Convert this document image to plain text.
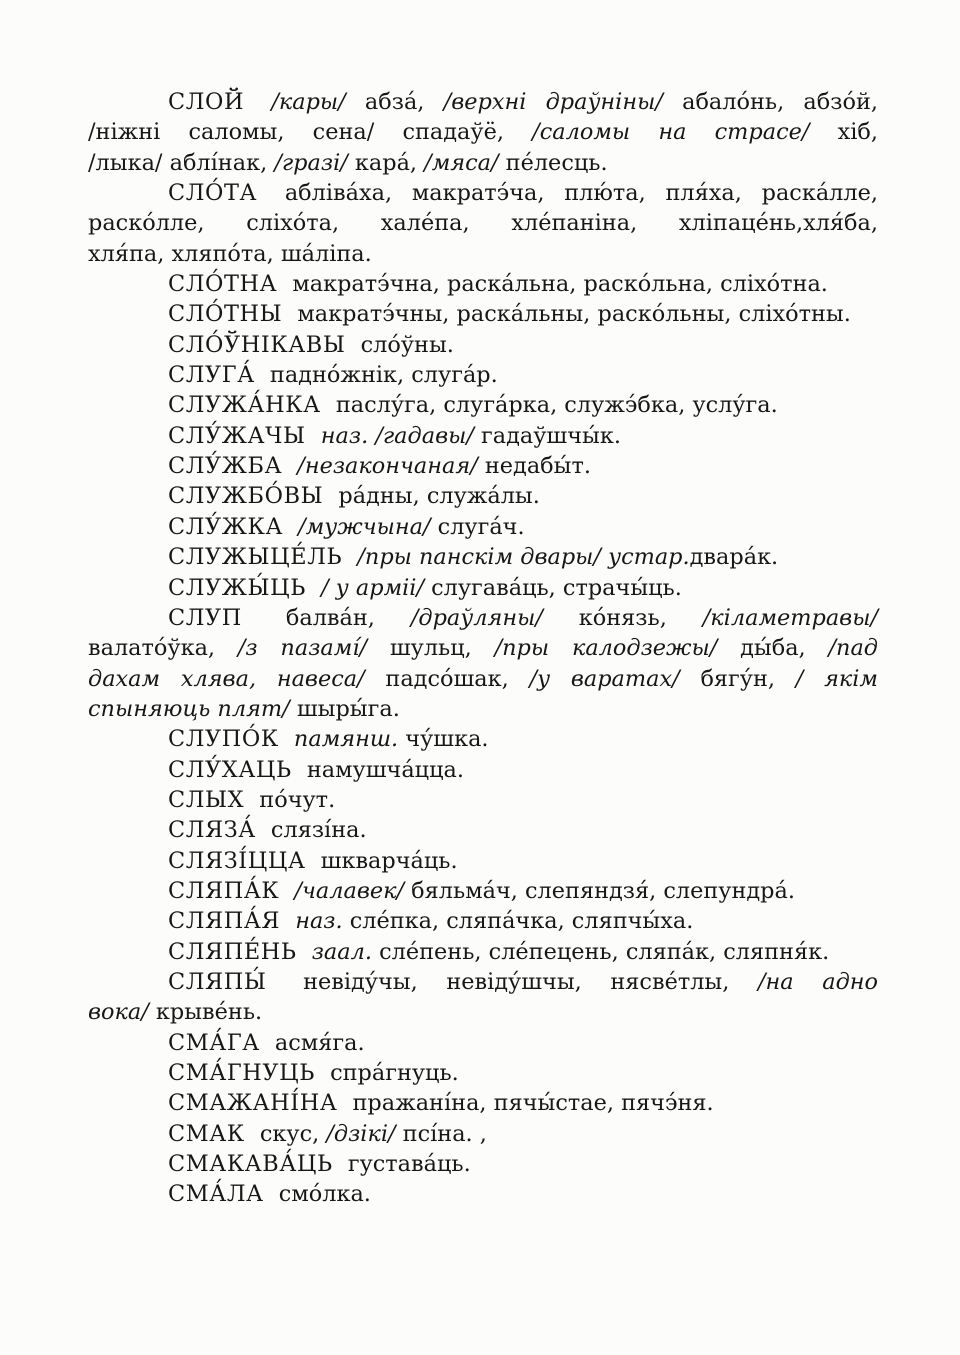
СЛОЙ /кары/ абза́, /верхні драўніны/ абало́нь, абзо́й,
/ніжні саломы, сена/ спадаўё, /саломы на страсе/ хіб,
/лыка/ аблі́нак, /гразі/ кара́, /мяса/ пе́лесць.
СЛО́ТА абліва́ха, макратэ́ча, плю́та, пля́ха, раска́лле,
раско́лле, сліхо́та, хале́па, хле́паніна, хліпаце́нь,хля́ба,
хля́па, хляпо́та, ша́ліпа.
СЛО́ТНА макратэ́чна, раска́льна, раско́льна, сліхо́тна.
СЛО́ТНЫ макратэ́чны, раска́льны, раско́льны, сліхо́тны.
СЛО́ЎНІКАВЫ сло́ўны.
СЛУГА́ падно́жнік, слуга́р.
СЛУЖА́НКА паслу́га, слуга́рка, служэ́бка, услу́га.
СЛУ́ЖАЧЫ наз. /гадавы/ гадаўшчы́к.
СЛУ́ЖБА /незакончаная/ недабы́т.
СЛУЖБО́ВЫ ра́дны, служа́лы.
СЛУ́ЖКА /мужчына/ слуга́ч.
СЛУЖЫЦЕ́ЛЬ /пры панскім двары/ устар.двара́к.
СЛУЖЫ́ЦЬ / у арміі/ слугава́ць, страчы́ць.
СЛУП балва́н, /драўляны/ ко́нязь, /кіламетравы/
валато́ўка, /з пазамі́/ шульц, /пры калодзежы/ ды́ба, /пад
дахам хлява, навеса/ падсо́шак, /у варатах/ бягу́н, / якім
спыняюць плят/ шыры́га.
СЛУПО́К памянш. чу́шка.
СЛУ́ХАЦЬ намушча́цца.
СЛЫХ по́чут.
СЛЯЗА́ слязі́на.
СЛЯЗІ́ЦЦА шкварча́ць.
СЛЯПА́К /чалавек/ бяльма́ч, слепяндзя́, слепундра́.
СЛЯПА́Я наз. сле́пка, сляпа́чка, сляпчы́ха.
СЛЯПЕ́НЬ заал. сле́пень, сле́пецень, сляпа́к, сляпня́к.
СЛЯПЫ́ невіду́чы, невіду́шчы, нясве́тлы, /на адно
вока/ крыве́нь.
СМА́ГА асмя́га.
СМА́ГНУЦЬ спра́гнуць.
СМАЖАНІ́НА пражані́на, пячы́стае, пячэ́ня.
СМАК скус, /дзікі/ псі́на. ,
СМАКАВА́ЦЬ густава́ць.
СМА́ЛА смо́лка.
